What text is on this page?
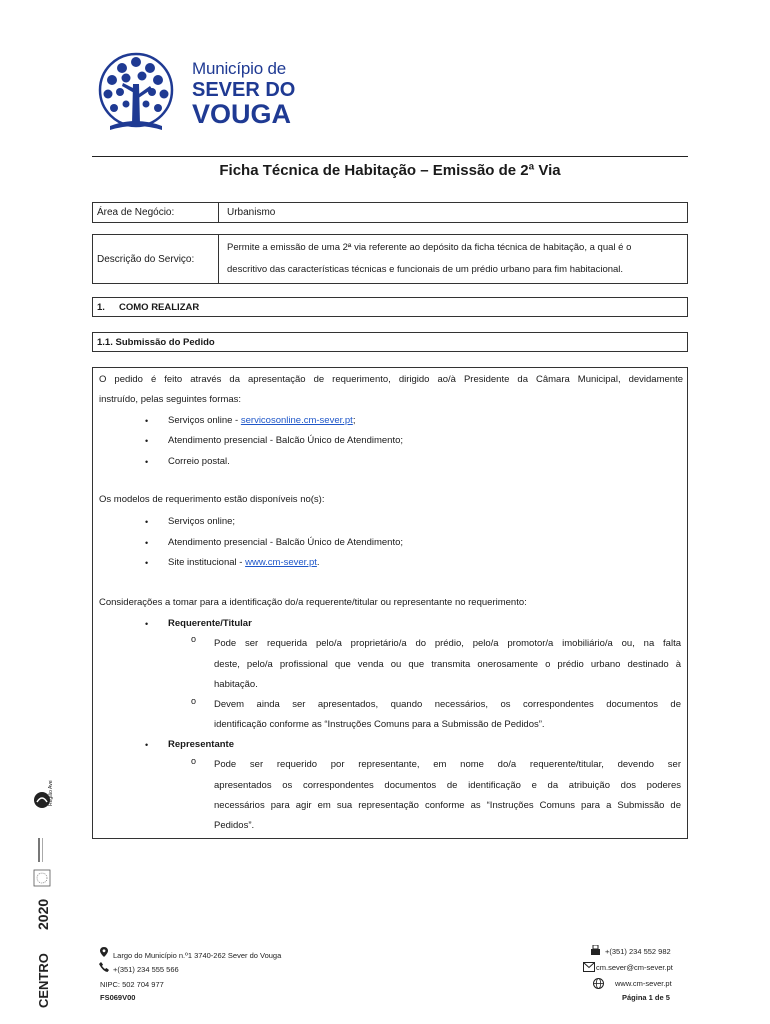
Município de
SEVER DO
VOUGA
Ficha Técnica de Habitação – Emissão de 2ª Via
Área de Negócio:	Urbanismo
Descrição do Serviço:
Permite a emissão de uma 2ª via referente ao depósito da ficha técnica de habitação, a qual é o
descritivo das características técnicas e funcionais de um prédio urbano para fim habitacional.
1. COMO REALIZAR
1.1. Submissão do Pedido
O pedido é feito através da apresentação de requerimento, dirigido ao/à Presidente da Câmara Municipal, devidamente
instruído, pelas seguintes formas:
• Serviços online - servicosonline.cm-sever.pt;
• Atendimento presencial - Balcão Único de Atendimento;
• Correio postal.
Os modelos de requerimento estão disponíveis no(s):
• Serviços online;
• Atendimento presencial - Balcão Único de Atendimento;
• Site institucional - www.cm-sever.pt.
Considerações a tomar para a identificação do/a requerente/titular ou representante no requerimento:
• Requerente/Titular
o Pode ser requerida pelo/a proprietário/a do prédio, pelo/a promotor/a imobiliário/a ou, na falta
deste, pelo/a profissional que venda ou que transmita onerosamente o prédio urbano destinado à
habitação.
o Devem ainda ser apresentados, quando necessários, os correspondentes documentos de
identificação conforme as “Instruções Comuns para a Submissão de Pedidos”.
• Representante
o Pode ser requerido por representante, em nome do/a requerente/titular, devendo ser
apresentados os correspondentes documentos de identificação e da atribuição dos poderes
necessários para agir em sua representação conforme as “Instruções Comuns para a Submissão de
Pedidos”.
Região Aveiro
2020
CENTRO	Largo do Município n.º1 3740-262 Sever do Vouga
+(351) 234 555 566
NIPC: 502 704 977
FS069V00
+(351) 234 552 982
cm.sever@cm-sever.pt
www.cm-sever.pt
Página 1 de 5
